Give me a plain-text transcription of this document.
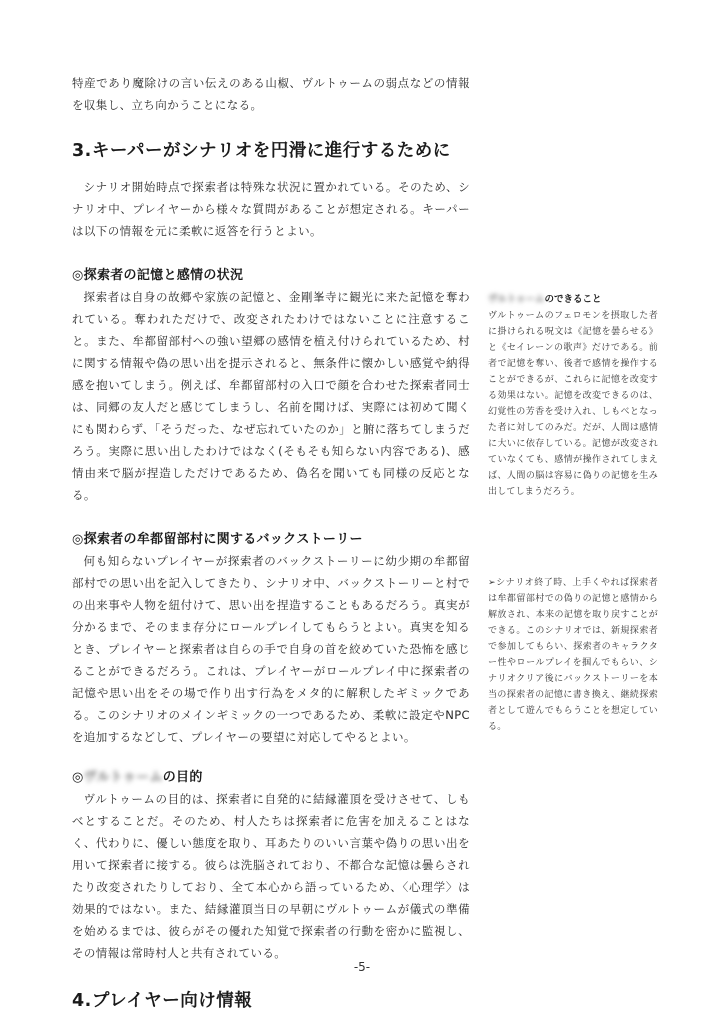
特産であり魔除けの言い伝えのある山椒、ヴルトゥームの弱点などの情報を収集し、立ち向かうことになる。

3.キーパーがシナリオを円滑に進行するために

シナリオ開始時点で探索者は特殊な状況に置かれている。そのため、シナリオ中、プレイヤーから様々な質問があることが想定される。キーパーは以下の情報を元に柔軟に返答を行うとよい。

◎探索者の記憶と感情の状況

探索者は自身の故郷や家族の記憶と、金剛峯寺に観光に来た記憶を奪われている。奪われただけで、改変されたわけではないことに注意すること。また、牟都留部村への強い望郷の感情を植え付けられているため、村に関する情報や偽の思い出を提示されると、無条件に懐かしい感覚や納得感を抱いてしまう。例えば、牟都留部村の入口で顔を合わせた探索者同士は、同郷の友人だと感じてしまうし、名前を聞けば、実際には初めて聞くにも関わらず、「そうだった、なぜ忘れていたのか」と腑に落ちてしまうだろう。実際に思い出したわけではなく(そもそも知らない内容である)、感情由来で脳が捏造しただけであるため、偽名を聞いても同様の反応となる。

◎探索者の牟都留部村に関するバックストーリー

何も知らないプレイヤーが探索者のバックストーリーに幼少期の牟都留部村での思い出を記入してきたり、シナリオ中、バックストーリーと村での出来事や人物を紐付けて、思い出を捏造することもあるだろう。真実が分かるまで、そのまま存分にロールプレイしてもらうとよい。真実を知るとき、プレイヤーと探索者は自らの手で自身の首を絞めていた恐怖を感じることができるだろう。これは、プレイヤーがロールプレイ中に探索者の記憶や思い出をその場で作り出す行為をメタ的に解釈したギミックである。このシナリオのメインギミックの一つであるため、柔軟に設定やNPCを追加するなどして、プレイヤーの要望に対応してやるとよい。

◎ヴルトゥームの目的

ヴルトゥームの目的は、探索者に自発的に結縁灌頂を受けさせて、しもべとすることだ。そのため、村人たちは探索者に危害を加えることはなく、代わりに、優しい態度を取り、耳あたりのいい言葉や偽りの思い出を用いて探索者に接する。彼らは洗脳されており、不都合な記憶は曇らされたり改変されたりしており、全て本心から語っているため、〈心理学〉は効果的ではない。また、結縁灌頂当日の早朝にヴルトゥームが儀式の準備を始めるまでは、彼らがその優れた知覚で探索者の行動を密かに監視し、その情報は常時村人と共有されている。

4.プレイヤー向け情報
ヴルトゥームのできること

ヴルトゥームのフェロモンを摂取した者に掛けられる呪文は《記憶を曇らせる》と《セイレーンの歌声》だけである。前者で記憶を奪い、後者で感情を操作することができるが、これらに記憶を改変する効果はない。記憶を改変できるのは、幻覚性の芳香を受け入れ、しもべとなった者に対してのみだ。だが、人間は感情に大いに依存している。記憶が改変されていなくても、感情が操作されてしまえば、人間の脳は容易に偽りの記憶を生み出してしまうだろう。

➢シナリオ終了時、上手くやれば探索者は牟都留部村での偽りの記憶と感情から解放され、本来の記憶を取り戻すことができる。このシナリオでは、新規探索者で参加してもらい、探索者のキャラクター性やロールプレイを掴んでもらい、シナリオクリア後にバックストーリーを本当の探索者の記憶に書き換え、継続探索者として遊んでもらうことを想定している。

-5-
